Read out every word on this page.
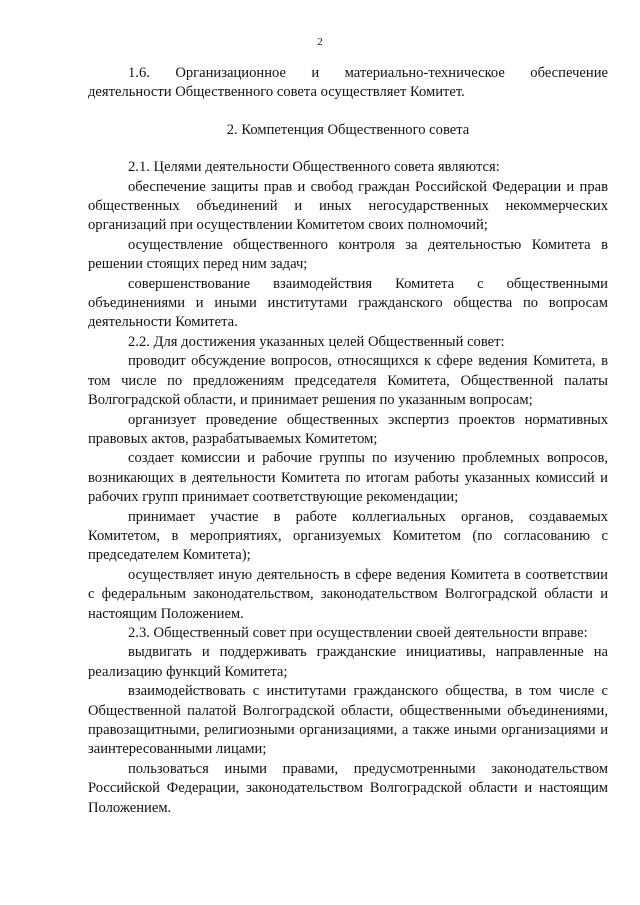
2

1.6. Организационное и материально-техническое обеспечение деятельности Общественного совета осуществляет Комитет.

2. Компетенция Общественного совета

2.1. Целями деятельности Общественного совета являются:

обеспечение защиты прав и свобод граждан Российской Федерации и прав общественных объединений и иных негосударственных некоммерческих организаций при осуществлении Комитетом своих полномочий;

осуществление общественного контроля за деятельностью Комитета в решении стоящих перед ним задач;

совершенствование взаимодействия Комитета с общественными объединениями и иными институтами гражданского общества по вопросам деятельности Комитета.

2.2. Для достижения указанных целей Общественный совет:

проводит обсуждение вопросов, относящихся к сфере ведения Комитета, в том числе по предложениям председателя Комитета, Общественной палаты Волгоградской области, и принимает решения по указанным вопросам;

организует проведение общественных экспертиз проектов нормативных правовых актов, разрабатываемых Комитетом;

создает комиссии и рабочие группы по изучению проблемных вопросов, возникающих в деятельности Комитета по итогам работы указанных комиссий и рабочих групп принимает соответствующие рекомендации;

принимает участие в работе коллегиальных органов, создаваемых Комитетом, в мероприятиях, организуемых Комитетом (по согласованию с председателем Комитета);

осуществляет иную деятельность в сфере ведения Комитета в соответствии с федеральным законодательством, законодательством Волгоградской области и настоящим Положением.

2.3. Общественный совет при осуществлении своей деятельности вправе:

выдвигать и поддерживать гражданские инициативы, направленные на реализацию функций Комитета;

взаимодействовать с институтами гражданского общества, в том числе с Общественной палатой Волгоградской области, общественными объединениями, правозащитными, религиозными организациями, а также иными организациями и заинтересованными лицами;

пользоваться иными правами, предусмотренными законодательством Российской Федерации, законодательством Волгоградской области и настоящим Положением.
